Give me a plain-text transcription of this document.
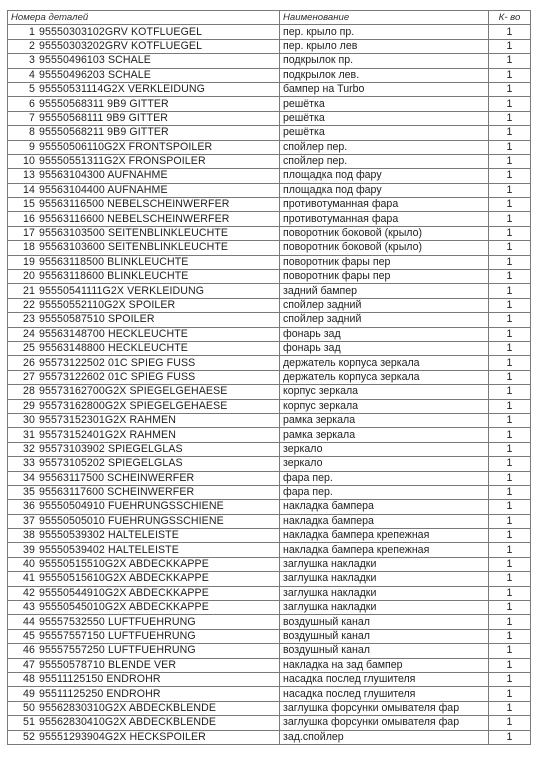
Номера деталей	Наименование	К- во
1 95550303102GRV KOTFLUEGEL	пер. крыло пр.	1
2 95550303202GRV KOTFLUEGEL	пер. крыло лев	1
3 95550496103 SCHALE	подкрылок пр.	1
4 95550496203 SCHALE	подкрылок лев.	1
5 95550531114G2X VERKLEIDUNG	бампер на Turbo	1
6 95550568311 9B9 GITTER	решётка	1
7 95550568111 9B9 GITTER	решётка	1
8 95550568211 9B9 GITTER	решётка	1
9 95550506110G2X FRONTSPOILER	спойлер пер.	1
10 95550551311G2X FRONSPOILER	спойлер пер.	1
13 95563104300 AUFNAHME	площадка под фару	1
14 95563104400 AUFNAHME	площадка под фару	1
15 95563116500 NEBELSCHEINWERFER	противотуманная фара	1
16 95563116600 NEBELSCHEINWERFER	противотуманная фара	1
17 95563103500 SEITENBLINKLEUCHTE	поворотник боковой (крыло)	1
18 95563103600 SEITENBLINKLEUCHTE	поворотник боковой (крыло)	1
19 95563118500 BLINKLEUCHTE	поворотник фары пер	1
20 95563118600 BLINKLEUCHTE	поворотник фары пер	1
21 95550541111G2X VERKLEIDUNG	задний бампер	1
22 95550552110G2X SPOILER	спойлер задний	1
23 95550587510 SPOILER	спойлер задний	1
24 95563148700 HECKLEUCHTE	фонарь зад	1
25 95563148800 HECKLEUCHTE	фонарь зад	1
26 95573122502 01C SPIEG FUSS	держатель корпуса зеркала	1
27 95573122602 01C SPIEG FUSS	держатель корпуса зеркала	1
28 95573162700G2X SPIEGELGEHAESE	корпус зеркала	1
29 95573162800G2X SPIEGELGEHAESE	корпус зеркала	1
30 95573152301G2X RAHMEN	рамка зеркала	1
31 95573152401G2X RAHMEN	рамка зеркала	1
32 95573103902 SPIEGELGLAS	зеркало	1
33 95573105202 SPIEGELGLAS	зеркало	1
34 95563117500 SCHEINWERFER	фара пер.	1
35 95563117600 SCHEINWERFER	фара пер.	1
36 95550504910 FUEHRUNGSSCHIENE	накладка бампера	1
37 95550505010 FUEHRUNGSSCHIENE	накладка бампера	1
38 95550539302 HALTELEISTE	накладка бампера крепежная	1
39 95550539402 HALTELEISTE	накладка бампера крепежная	1
40 95550515510G2X ABDECKKAPPE	заглушка накладки	1
41 95550515610G2X ABDECKKAPPE	заглушка накладки	1
42 95550544910G2X ABDECKKAPPE	заглушка накладки	1
43 95550545010G2X ABDECKKAPPE	заглушка накладки	1
44 95557532550 LUFTFUEHRUNG	воздушный канал	1
45 95557557150 LUFTFUEHRUNG	воздушный канал	1
46 95557557250 LUFTFUEHRUNG	воздушный канал	1
47 95550578710 BLENDE VER	накладка на зад бампер	1
48 95511125150 ENDROHR	насадка послед глушителя	1
49 95511125250 ENDROHR	насадка послед глушителя	1
50 95562830310G2X ABDECKBLENDE	заглушка форсунки омывателя фар	1
51 95562830410G2X ABDECKBLENDE	заглушка форсунки омывателя фар	1
52 95551293904G2X HECKSPOILER	зад.спойлер	1
